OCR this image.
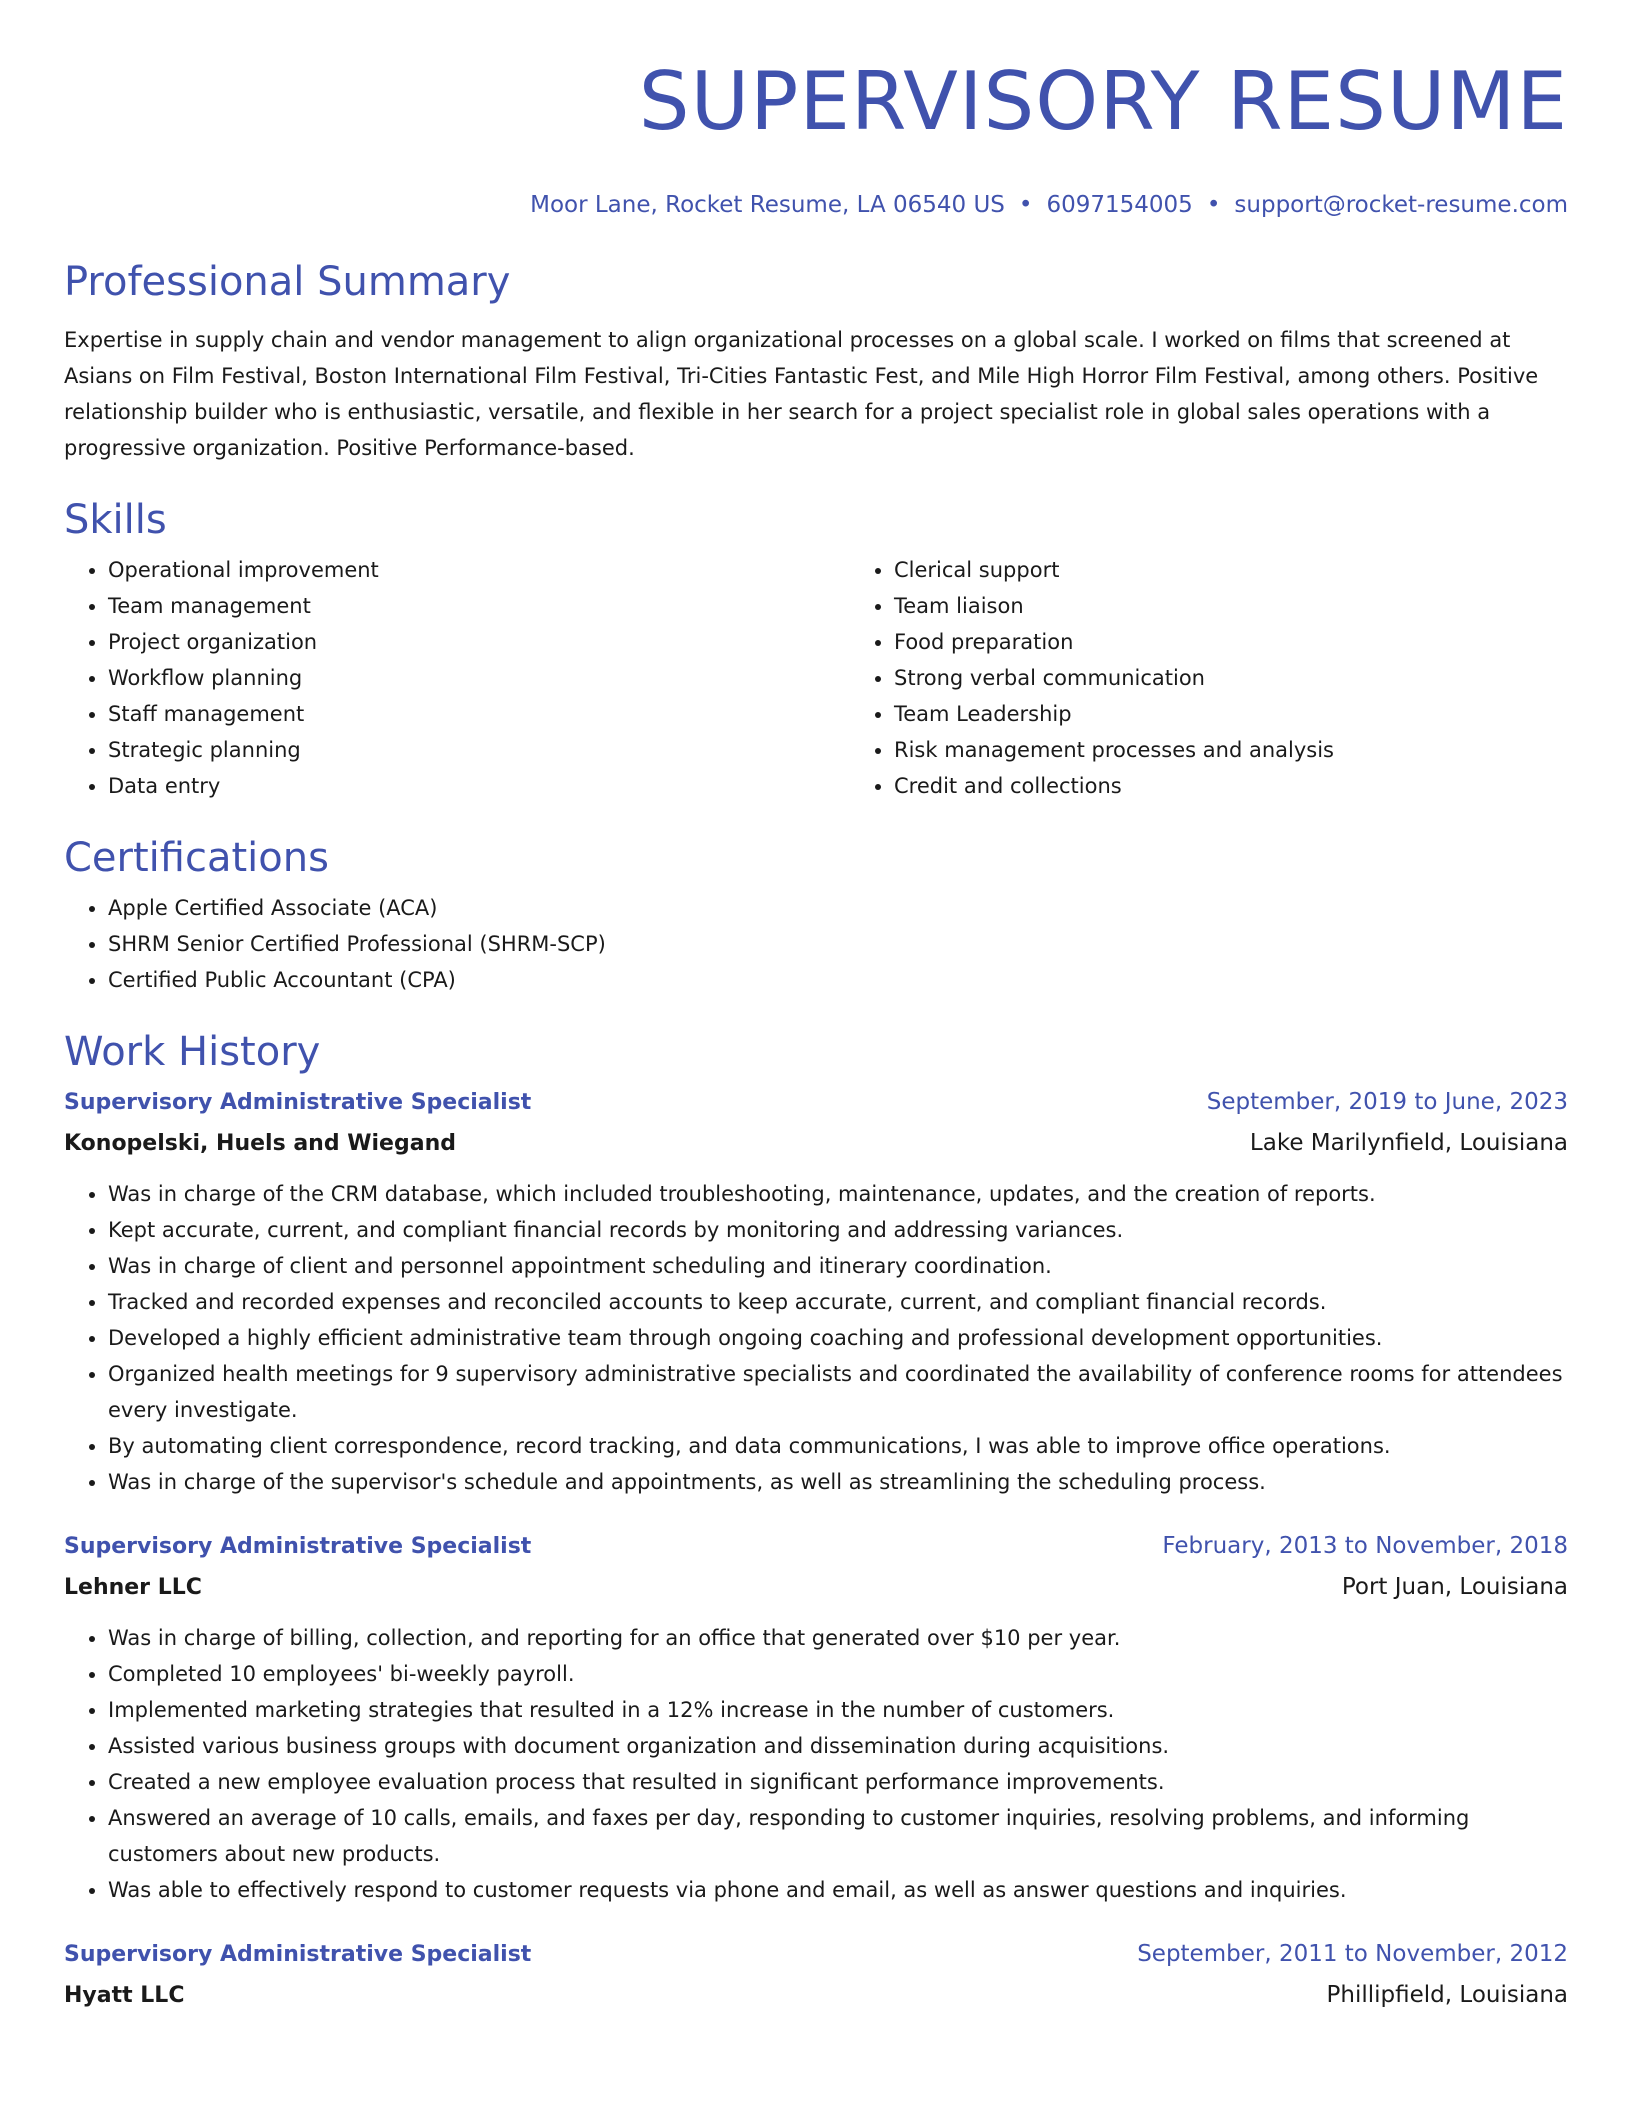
SUPERVISORY RESUME
Moor Lane, Rocket Resume, LA 06540 US • 6097154005 • support@rocket-resume.com
Professional Summary

Expertise in supply chain and vendor management to align organizational processes on a global scale. I worked on films that screened at Asians on Film Festival, Boston International Film Festival, Tri-Cities Fantastic Fest, and Mile High Horror Film Festival, among others. Positive relationship builder who is enthusiastic, versatile, and flexible in her search for a project specialist role in global sales operations with a progressive organization. Positive Performance-based.

Skills
• Operational improvement
• Team management
• Project organization
• Workflow planning
• Staff management
• Strategic planning
• Data entry
• Clerical support
• Team liaison
• Food preparation
• Strong verbal communication
• Team Leadership
• Risk management processes and analysis
• Credit and collections
Certifications
• Apple Certified Associate (ACA)
• SHRM Senior Certified Professional (SHRM-SCP)
• Certified Public Accountant (CPA)
Work History
Supervisory Administrative Specialist	September, 2019 to June, 2023
Konopelski, Huels and Wiegand	Lake Marilynfield, Louisiana
• Was in charge of the CRM database, which included troubleshooting, maintenance, updates, and the creation of reports.
• Kept accurate, current, and compliant financial records by monitoring and addressing variances.
• Was in charge of client and personnel appointment scheduling and itinerary coordination.
• Tracked and recorded expenses and reconciled accounts to keep accurate, current, and compliant financial records.
• Developed a highly efficient administrative team through ongoing coaching and professional development opportunities.
• Organized health meetings for 9 supervisory administrative specialists and coordinated the availability of conference rooms for attendees every investigate.
• By automating client correspondence, record tracking, and data communications, I was able to improve office operations.
• Was in charge of the supervisor's schedule and appointments, as well as streamlining the scheduling process.
Supervisory Administrative Specialist	February, 2013 to November, 2018
Lehner LLC	Port Juan, Louisiana
• Was in charge of billing, collection, and reporting for an office that generated over $10 per year.
• Completed 10 employees' bi-weekly payroll.
• Implemented marketing strategies that resulted in a 12% increase in the number of customers.
• Assisted various business groups with document organization and dissemination during acquisitions.
• Created a new employee evaluation process that resulted in significant performance improvements.
• Answered an average of 10 calls, emails, and faxes per day, responding to customer inquiries, resolving problems, and informing customers about new products.
• Was able to effectively respond to customer requests via phone and email, as well as answer questions and inquiries.
Supervisory Administrative Specialist	September, 2011 to November, 2012
Hyatt LLC	Phillipfield, Louisiana
